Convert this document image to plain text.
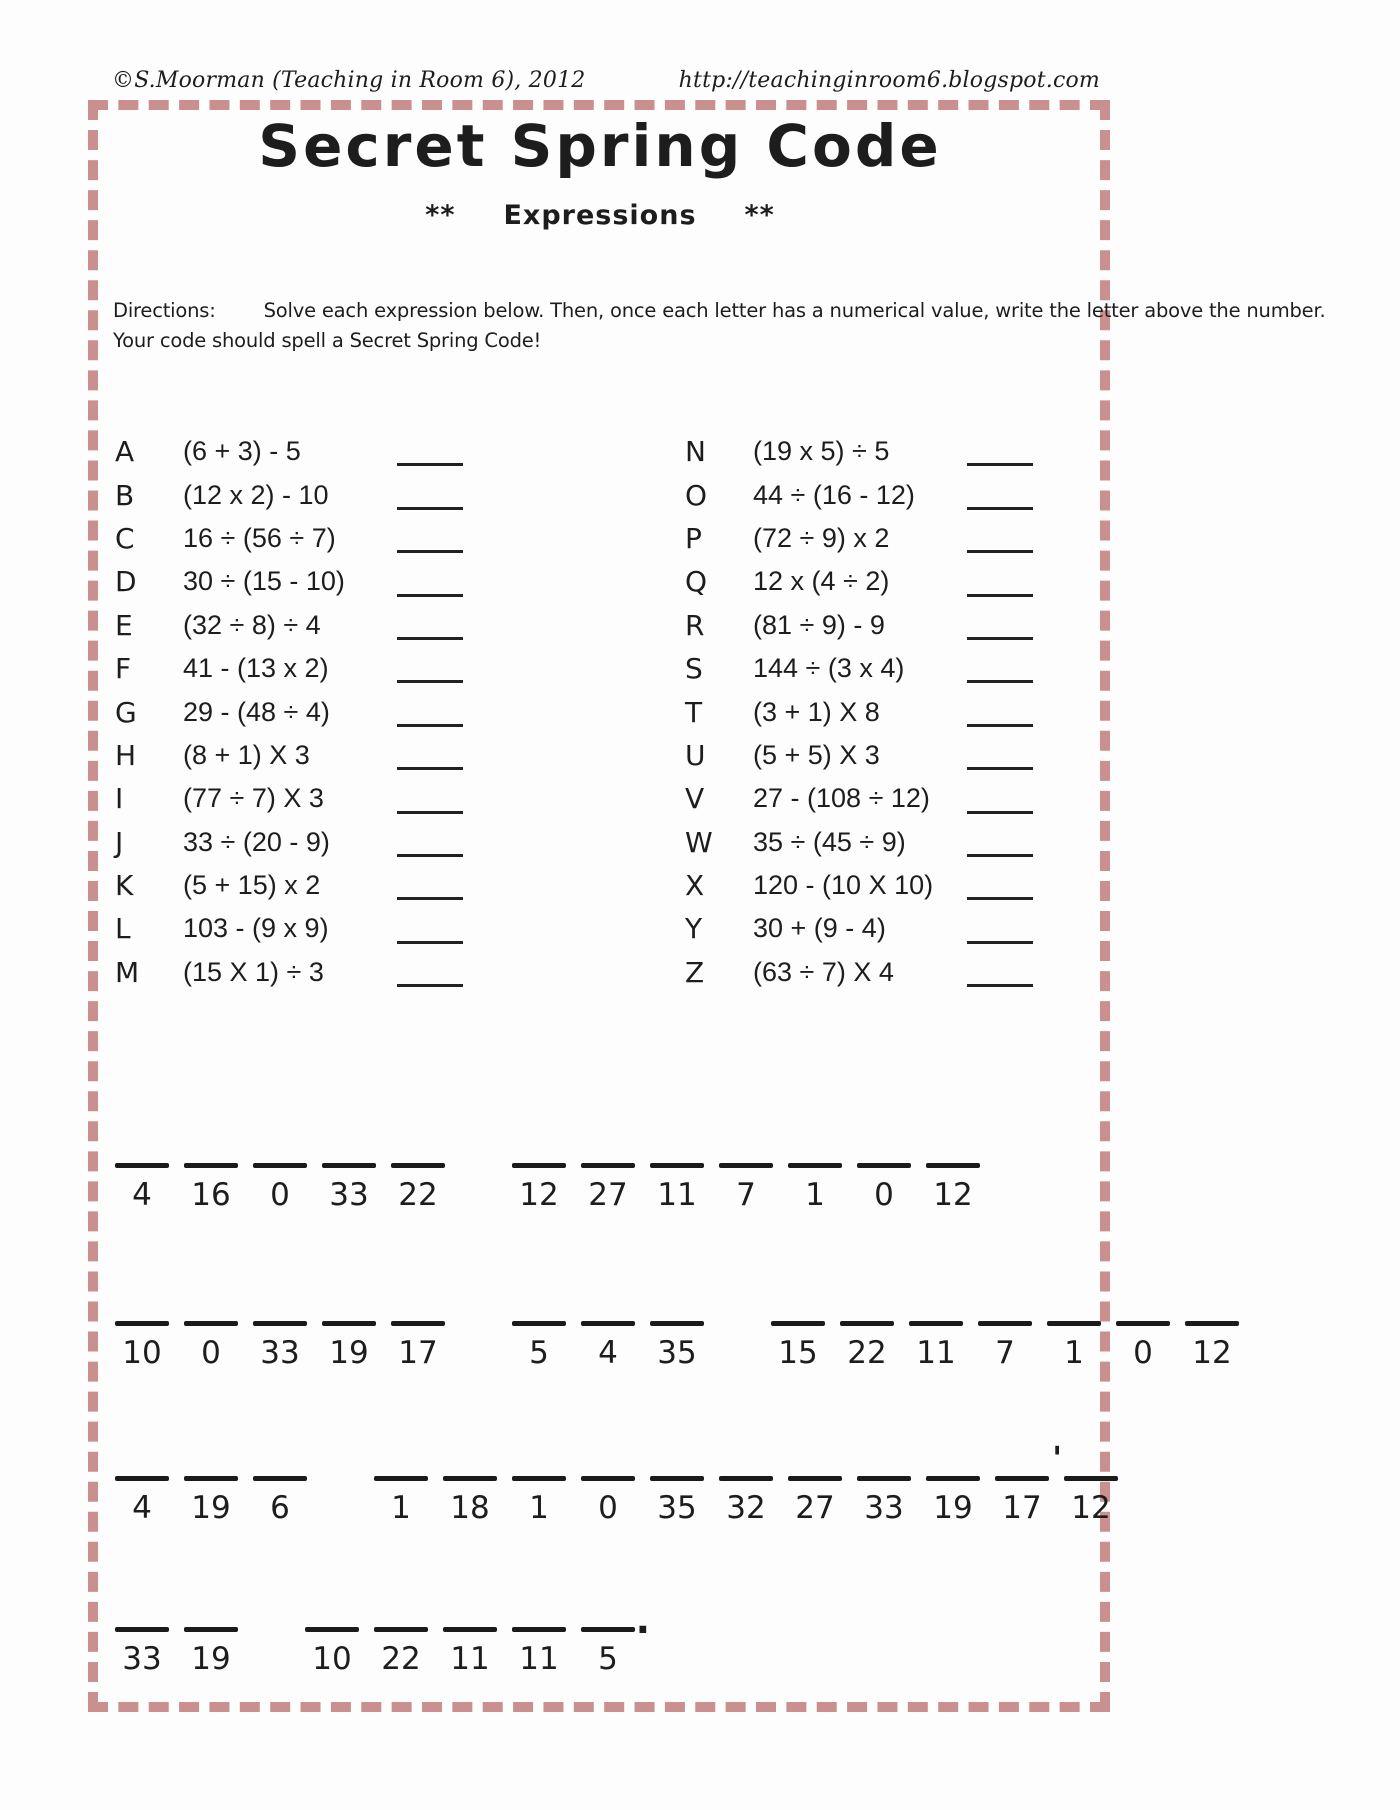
©S.Moorman (Teaching in Room 6), 2012	http://teachinginroom6.blogspot.com
Secret Spring Code
** Expressions **
Directions: Solve each expression below. Then, once each letter has a numerical value, write the letter above the number.
Your code should spell a Secret Spring Code!
A	(6 + 3) - 5
B	(12 x 2) - 10
C	16 ÷ (56 ÷ 7)
D	30 ÷ (15 - 10)
E	(32 ÷ 8) ÷ 4
F	41 - (13 x 2)
G	29 - (48 ÷ 4)
H	(8 + 1) X 3
I	(77 ÷ 7) X 3
J	33 ÷ (20 - 9)
K	(5 + 15) x 2
L	103 - (9 x 9)
M	(15 X 1) ÷ 3
N	(19 x 5) ÷ 5
O	44 ÷ (16 - 12)
P	(72 ÷ 9) x 2
Q	12 x (4 ÷ 2)
R	(81 ÷ 9) - 9
S	144 ÷ (3 x 4)
T	(3 + 1) X 8
U	(5 + 5) X 3
V	27 - (108 ÷ 12)
W	35 ÷ (45 ÷ 9)
X	120 - (10 X 10)
Y	30 + (9 - 4)
Z	(63 ÷ 7) X 4
4 16 0 33 22	12 27 11 7 1 0 12
10 0 33 19 17	5 4 35	15 22 11 7 1 0 12
4 19 6	1 18 1 0 35 32 27 33 19 17
'
12
33 19	10 22 11 11 5
.
